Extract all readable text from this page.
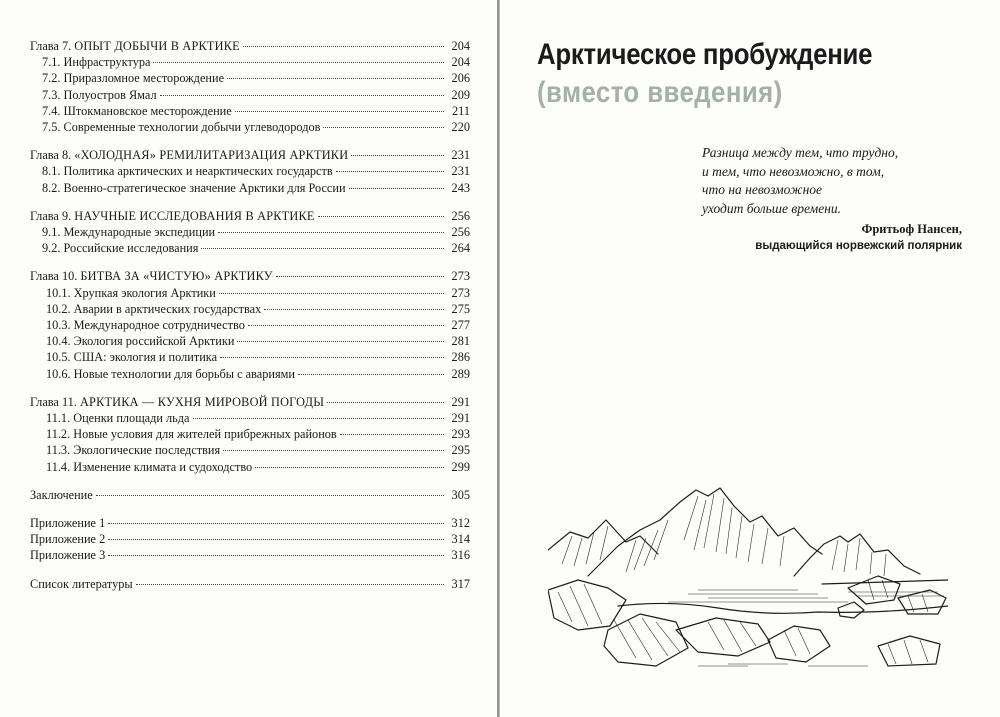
Глава 7. ОПЫТ ДОБЫЧИ В АРКТИКЕ	204
7.1. Инфраструктура	204
7.2. Приразломное месторождение	206
7.3. Полуостров Ямал	209
7.4. Штокмановское месторождение	211
7.5. Современные технологии добычи углеводородов	220
Глава 8. «ХОЛОДНАЯ» РЕМИЛИТАРИЗАЦИЯ АРКТИКИ	231
8.1. Политика арктических и неарктических государств	231
8.2. Военно-стратегическое значение Арктики для России	243
Глава 9. НАУЧНЫЕ ИССЛЕДОВАНИЯ В АРКТИКЕ	256
9.1. Международные экспедиции	256
9.2. Российские исследования	264
Глава 10. БИТВА ЗА «ЧИСТУЮ» АРКТИКУ	273
10.1. Хрупкая экология Арктики	273
10.2. Аварии в арктических государствах	275
10.3. Международное сотрудничество	277
10.4. Экология российской Арктики	281
10.5. США: экология и политика	286
10.6. Новые технологии для борьбы с авариями	289
Глава 11. АРКТИКА — КУХНЯ МИРОВОЙ ПОГОДЫ	291
11.1. Оценки площади льда	291
11.2. Новые условия для жителей прибрежных районов	293
11.3. Экологические последствия	295
11.4. Изменение климата и судоходство	299
Заключение	305
Приложение 1	312
Приложение 2	314
Приложение 3	316
Список литературы	317
Арктическое пробуждение
(вместо введения)

Разница между тем, что трудно,

и тем, что невозможно, в том,

что на невозможное

уходит больше времени.

Фритьоф Нансен,
выдающийся норвежский полярник
